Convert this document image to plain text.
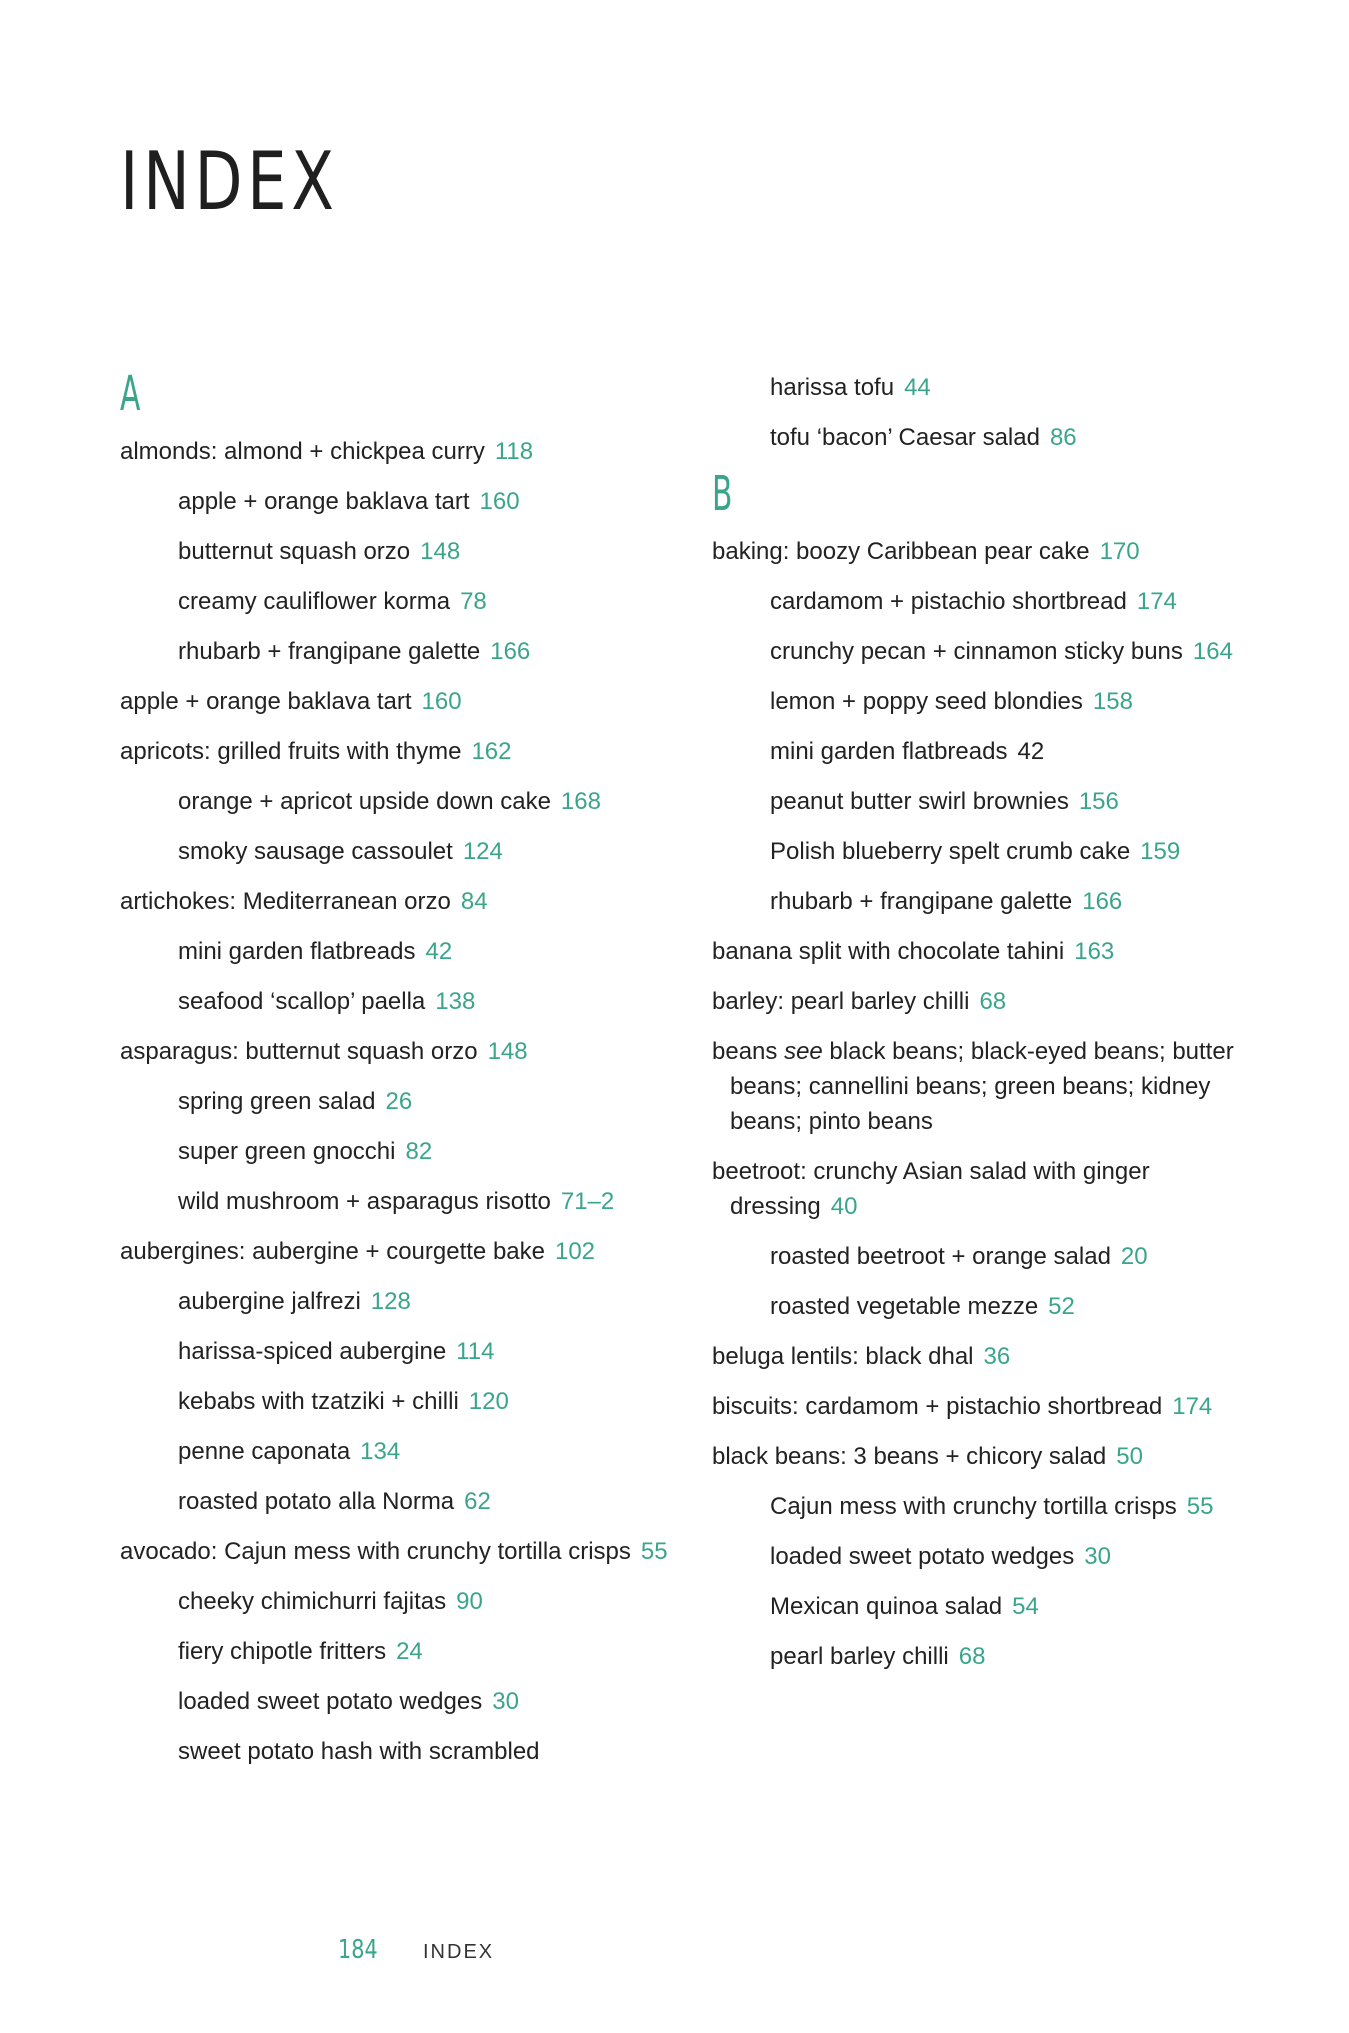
INDEX
A
almonds: almond + chickpea curry 118
apple + orange baklava tart 160
butternut squash orzo 148
creamy cauliflower korma 78
rhubarb + frangipane galette 166
apple + orange baklava tart 160
apricots: grilled fruits with thyme 162
orange + apricot upside down cake 168
smoky sausage cassoulet 124
artichokes: Mediterranean orzo 84
mini garden flatbreads 42
seafood ‘scallop’ paella 138
asparagus: butternut squash orzo 148
spring green salad 26
super green gnocchi 82
wild mushroom + asparagus risotto 71–2
aubergines: aubergine + courgette bake 102
aubergine jalfrezi 128
harissa-spiced aubergine 114
kebabs with tzatziki + chilli 120
penne caponata 134
roasted potato alla Norma 62
avocado: Cajun mess with crunchy tortilla crisps 55
cheeky chimichurri fajitas 90
fiery chipotle fritters 24
loaded sweet potato wedges 30
sweet potato hash with scrambled
harissa tofu 44
tofu ‘bacon’ Caesar salad 86
B
baking: boozy Caribbean pear cake 170
cardamom + pistachio shortbread 174
crunchy pecan + cinnamon sticky buns 164
lemon + poppy seed blondies 158
mini garden flatbreads 42
peanut butter swirl brownies 156
Polish blueberry spelt crumb cake 159
rhubarb + frangipane galette 166
banana split with chocolate tahini 163
barley: pearl barley chilli 68
beans see black beans; black-eyed beans; butter beans; cannellini beans; green beans; kidney beans; pinto beans
beetroot: crunchy Asian salad with ginger dressing 40
roasted beetroot + orange salad 20
roasted vegetable mezze 52
beluga lentils: black dhal 36
biscuits: cardamom + pistachio shortbread 174
black beans: 3 beans + chicory salad 50
Cajun mess with crunchy tortilla crisps 55
loaded sweet potato wedges 30
Mexican quinoa salad 54
pearl barley chilli 68
184	INDEX
